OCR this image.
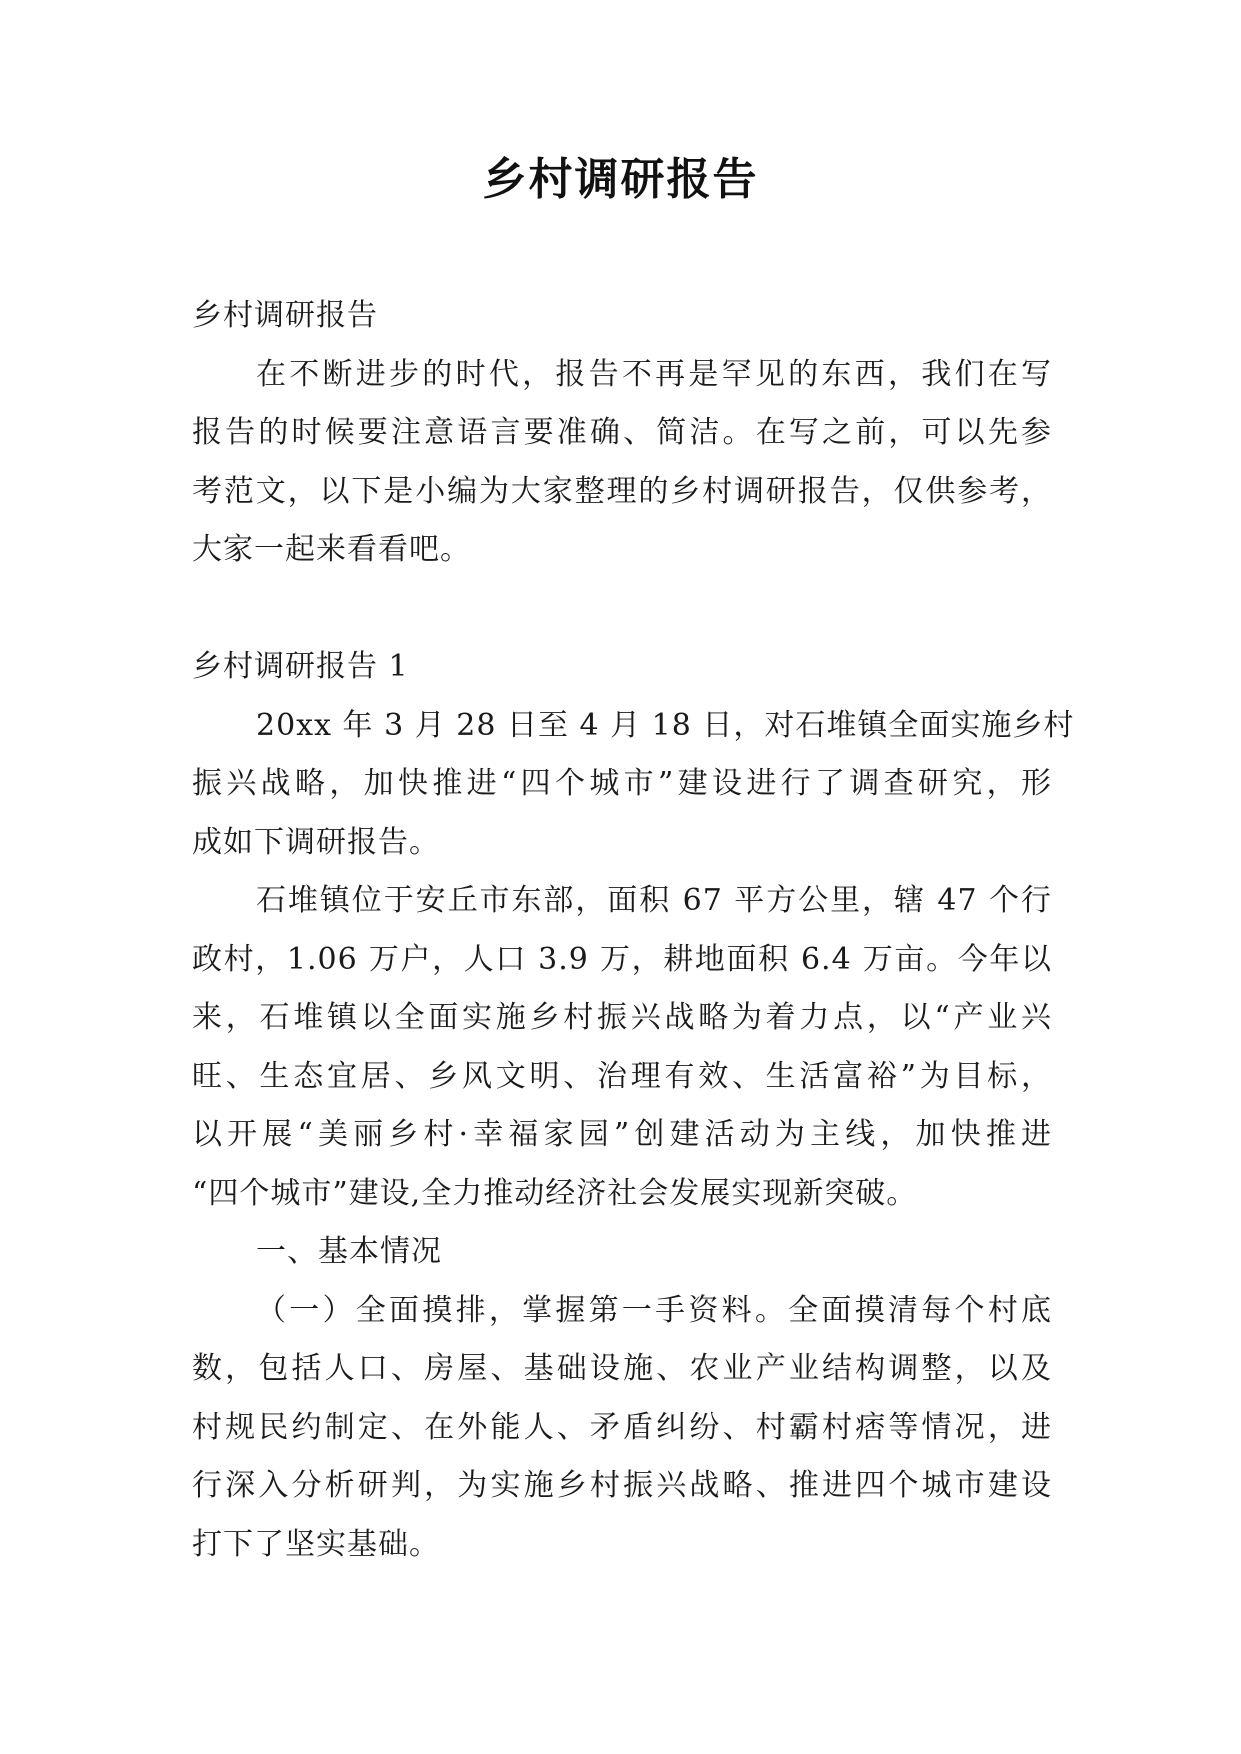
乡村调研报告
乡村调研报告
在不断进步的时代，报告不再是罕见的东西，我们在写
报告的时候要注意语言要准确、简洁。在写之前，可以先参
考范文，以下是小编为大家整理的乡村调研报告，仅供参考，
大家一起来看看吧。
乡村调研报告 1
20xx 年 3 月 28 日至 4 月 18 日，对石堆镇全面实施乡村
振兴战略，加快推进“四个城市”建设进行了调查研究，形
成如下调研报告。
石堆镇位于安丘市东部，面积 67 平方公里，辖 47 个行
政村，1.06 万户，人口 3.9 万，耕地面积 6.4 万亩。今年以
来，石堆镇以全面实施乡村振兴战略为着力点，以“产业兴
旺、生态宜居、乡风文明、治理有效、生活富裕”为目标，
以开展“美丽乡村·幸福家园”创建活动为主线，加快推进
“四个城市”建设,全力推动经济社会发展实现新突破。
一、基本情况
（一）全面摸排，掌握第一手资料。全面摸清每个村底
数，包括人口、房屋、基础设施、农业产业结构调整，以及
村规民约制定、在外能人、矛盾纠纷、村霸村痞等情况，进
行深入分析研判，为实施乡村振兴战略、推进四个城市建设
打下了坚实基础。
